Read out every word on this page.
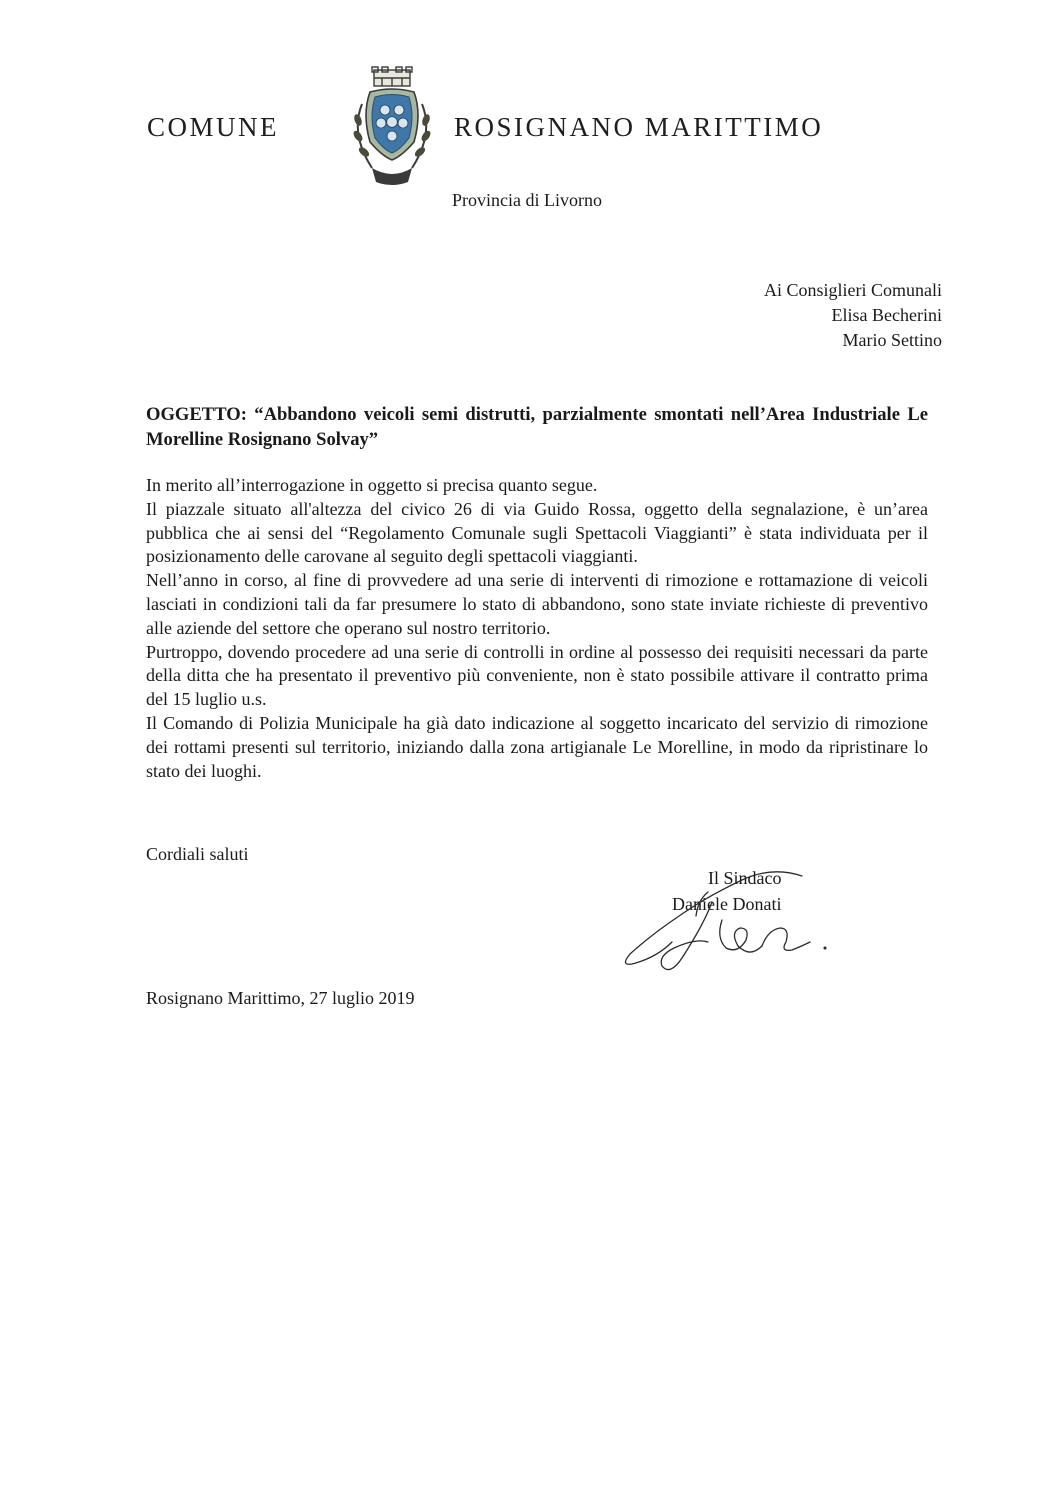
COMUNE	ROSIGNANO MARITTIMO
Provincia di Livorno
Ai Consiglieri Comunali
Elisa Becherini
Mario Settino
OGGETTO: “Abbandono veicoli semi distrutti, parzialmente smontati nell’Area Industriale Le Morelline Rosignano Solvay”

In merito all’interrogazione in oggetto si precisa quanto segue.

Il piazzale situato all'altezza del civico 26 di via Guido Rossa, oggetto della segnalazione, è un’area pubblica che ai sensi del “Regolamento Comunale sugli Spettacoli Viaggianti” è stata individuata per il posizionamento delle carovane al seguito degli spettacoli viaggianti.

Nell’anno in corso, al fine di provvedere ad una serie di interventi di rimozione e rottamazione di veicoli lasciati in condizioni tali da far presumere lo stato di abbandono, sono state inviate richieste di preventivo alle aziende del settore che operano sul nostro territorio.

Purtroppo, dovendo procedere ad una serie di controlli in ordine al possesso dei requisiti necessari da parte della ditta che ha presentato il preventivo più conveniente, non è stato possibile attivare il contratto prima del 15 luglio u.s.

Il Comando di Polizia Municipale ha già dato indicazione al soggetto incaricato del servizio di rimozione dei rottami presenti sul territorio, iniziando dalla zona artigianale Le Morelline, in modo da ripristinare lo stato dei luoghi.

Cordiali saluti
Il Sindaco
Daniele Donati
Rosignano Marittimo, 27 luglio 2019
